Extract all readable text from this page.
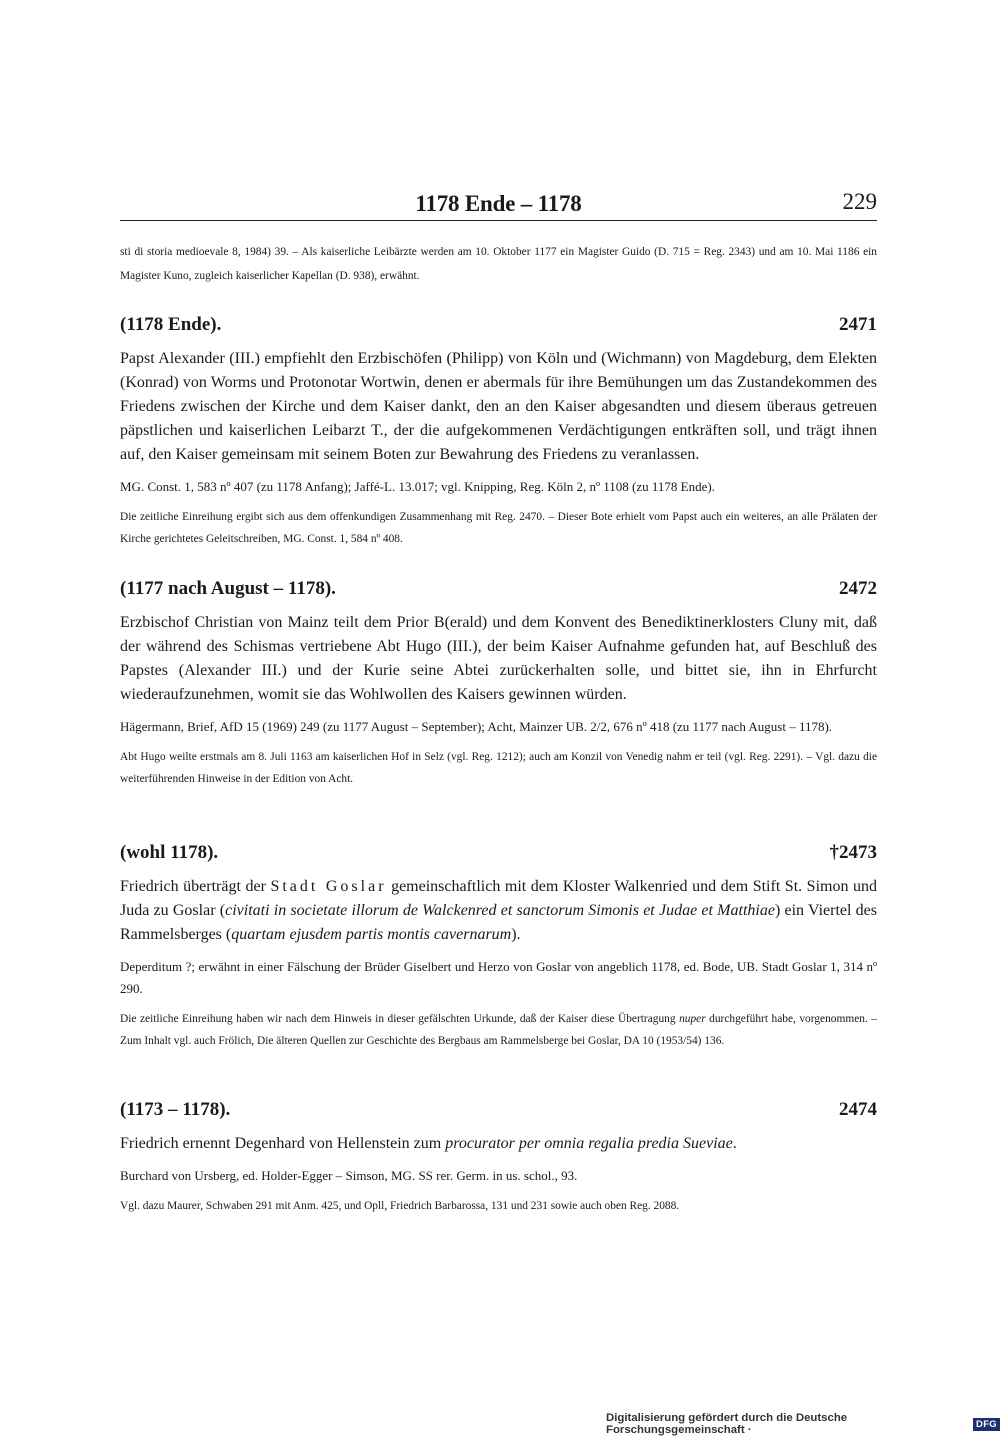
1178 Ende – 1178	229
sti di storia medioevale 8, 1984) 39. – Als kaiserliche Leibärzte werden am 10. Oktober 1177 ein Magister Guido (D. 715 = Reg. 2343) und am 10. Mai 1186 ein Magister Kuno, zugleich kaiserlicher Kapellan (D. 938), erwähnt.
(1178 Ende).	2471
Papst Alexander (III.) empfiehlt den Erzbischöfen (Philipp) von Köln und (Wichmann) von Magdeburg, dem Elekten (Konrad) von Worms und Protonotar Wortwin, denen er abermals für ihre Bemühungen um das Zustandekommen des Friedens zwischen der Kirche und dem Kaiser dankt, den an den Kaiser abgesandten und diesem überaus getreuen päpstlichen und kaiserlichen Leibarzt T., der die aufgekommenen Verdächtigungen entkräften soll, und trägt ihnen auf, den Kaiser gemeinsam mit seinem Boten zur Bewahrung des Friedens zu veranlassen.
MG. Const. 1, 583 nº 407 (zu 1178 Anfang); Jaffé-L. 13.017; vgl. Knipping, Reg. Köln 2, nº 1108 (zu 1178 Ende).
Die zeitliche Einreihung ergibt sich aus dem offenkundigen Zusammenhang mit Reg. 2470. – Dieser Bote erhielt vom Papst auch ein weiteres, an alle Prälaten der Kirche gerichtetes Geleitschreiben, MG. Const. 1, 584 nº 408.
(1177 nach August – 1178).	2472
Erzbischof Christian von Mainz teilt dem Prior B(erald) und dem Konvent des Benediktinerklosters Cluny mit, daß der während des Schismas vertriebene Abt Hugo (III.), der beim Kaiser Aufnahme gefunden hat, auf Beschluß des Papstes (Alexander III.) und der Kurie seine Abtei zurückerhalten solle, und bittet sie, ihn in Ehrfurcht wiederaufzunehmen, womit sie das Wohlwollen des Kaisers gewinnen würden.
Hägermann, Brief, AfD 15 (1969) 249 (zu 1177 August – September); Acht, Mainzer UB. 2/2, 676 nº 418 (zu 1177 nach August – 1178).
Abt Hugo weilte erstmals am 8. Juli 1163 am kaiserlichen Hof in Selz (vgl. Reg. 1212); auch am Konzil von Venedig nahm er teil (vgl. Reg. 2291). – Vgl. dazu die weiterführenden Hinweise in der Edition von Acht.
(wohl 1178).	†2473
Friedrich überträgt der Stadt Goslar gemeinschaftlich mit dem Kloster Walkenried und dem Stift St. Simon und Juda zu Goslar (civitati in societate illorum de Walckenred et sanctorum Simonis et Judae et Matthiae) ein Viertel des Rammelsberges (quartam ejusdem partis montis cavernarum).
Deperditum ?; erwähnt in einer Fälschung der Brüder Giselbert und Herzo von Goslar von angeblich 1178, ed. Bode, UB. Stadt Goslar 1, 314 nº 290.
Die zeitliche Einreihung haben wir nach dem Hinweis in dieser gefälschten Urkunde, daß der Kaiser diese Übertragung nuper durchgeführt habe, vorgenommen. – Zum Inhalt vgl. auch Frölich, Die älteren Quellen zur Geschichte des Bergbaus am Rammelsberge bei Goslar, DA 10 (1953/54) 136.
(1173 – 1178).	2474
Friedrich ernennt Degenhard von Hellenstein zum procurator per omnia regalia predia Sueviae.
Burchard von Ursberg, ed. Holder-Egger – Simson, MG. SS rer. Germ. in us. schol., 93.
Vgl. dazu Maurer, Schwaben 291 mit Anm. 425, und Opll, Friedrich Barbarossa, 131 und 231 sowie auch oben Reg. 2088.
Digitalisierung gefördert durch die Deutsche Forschungsgemeinschaft ·	DFG
